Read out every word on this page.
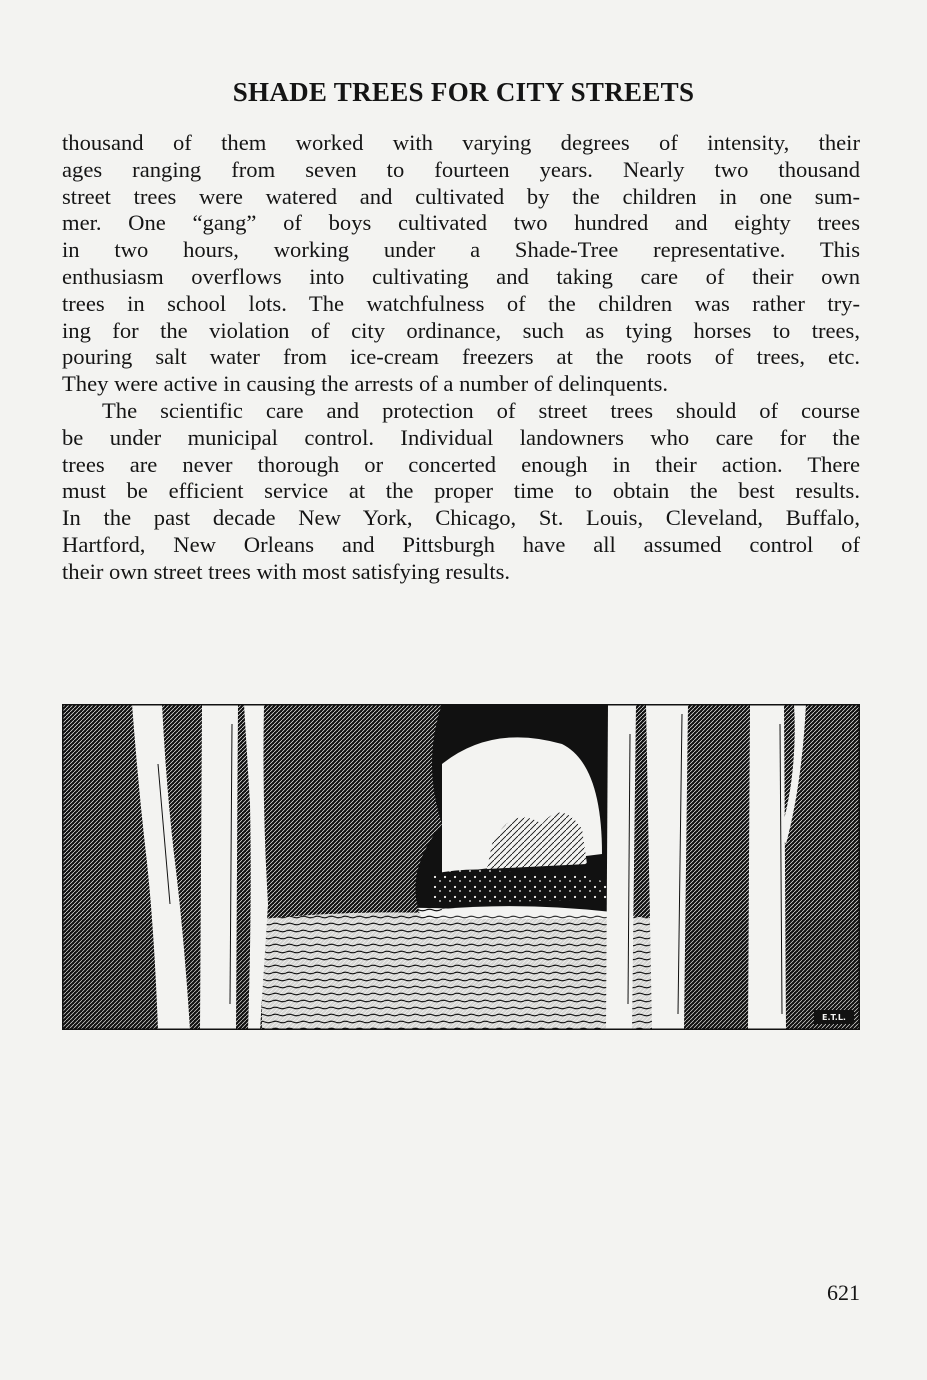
SHADE TREES FOR CITY STREETS
thousand of them worked with varying degrees of intensity, their
ages ranging from seven to fourteen years. Nearly two thousand
street trees were watered and cultivated by the children in one sum-
mer. One “gang” of boys cultivated two hundred and eighty trees
in two hours, working under a Shade-Tree representative. This
enthusiasm overflows into cultivating and taking care of their own
trees in school lots. The watchfulness of the children was rather try-
ing for the violation of city ordinance, such as tying horses to trees,
pouring salt water from ice-cream freezers at the roots of trees, etc.
They were active in causing the arrests of a number of delinquents.
The scientific care and protection of street trees should of course
be under municipal control. Individual landowners who care for the
trees are never thorough or concerted enough in their action. There
must be efficient service at the proper time to obtain the best results.
In the past decade New York, Chicago, St. Louis, Cleveland, Buffalo,
Hartford, New Orleans and Pittsburgh have all assumed control of
their own street trees with most satisfying results.
E.T.L.

621
